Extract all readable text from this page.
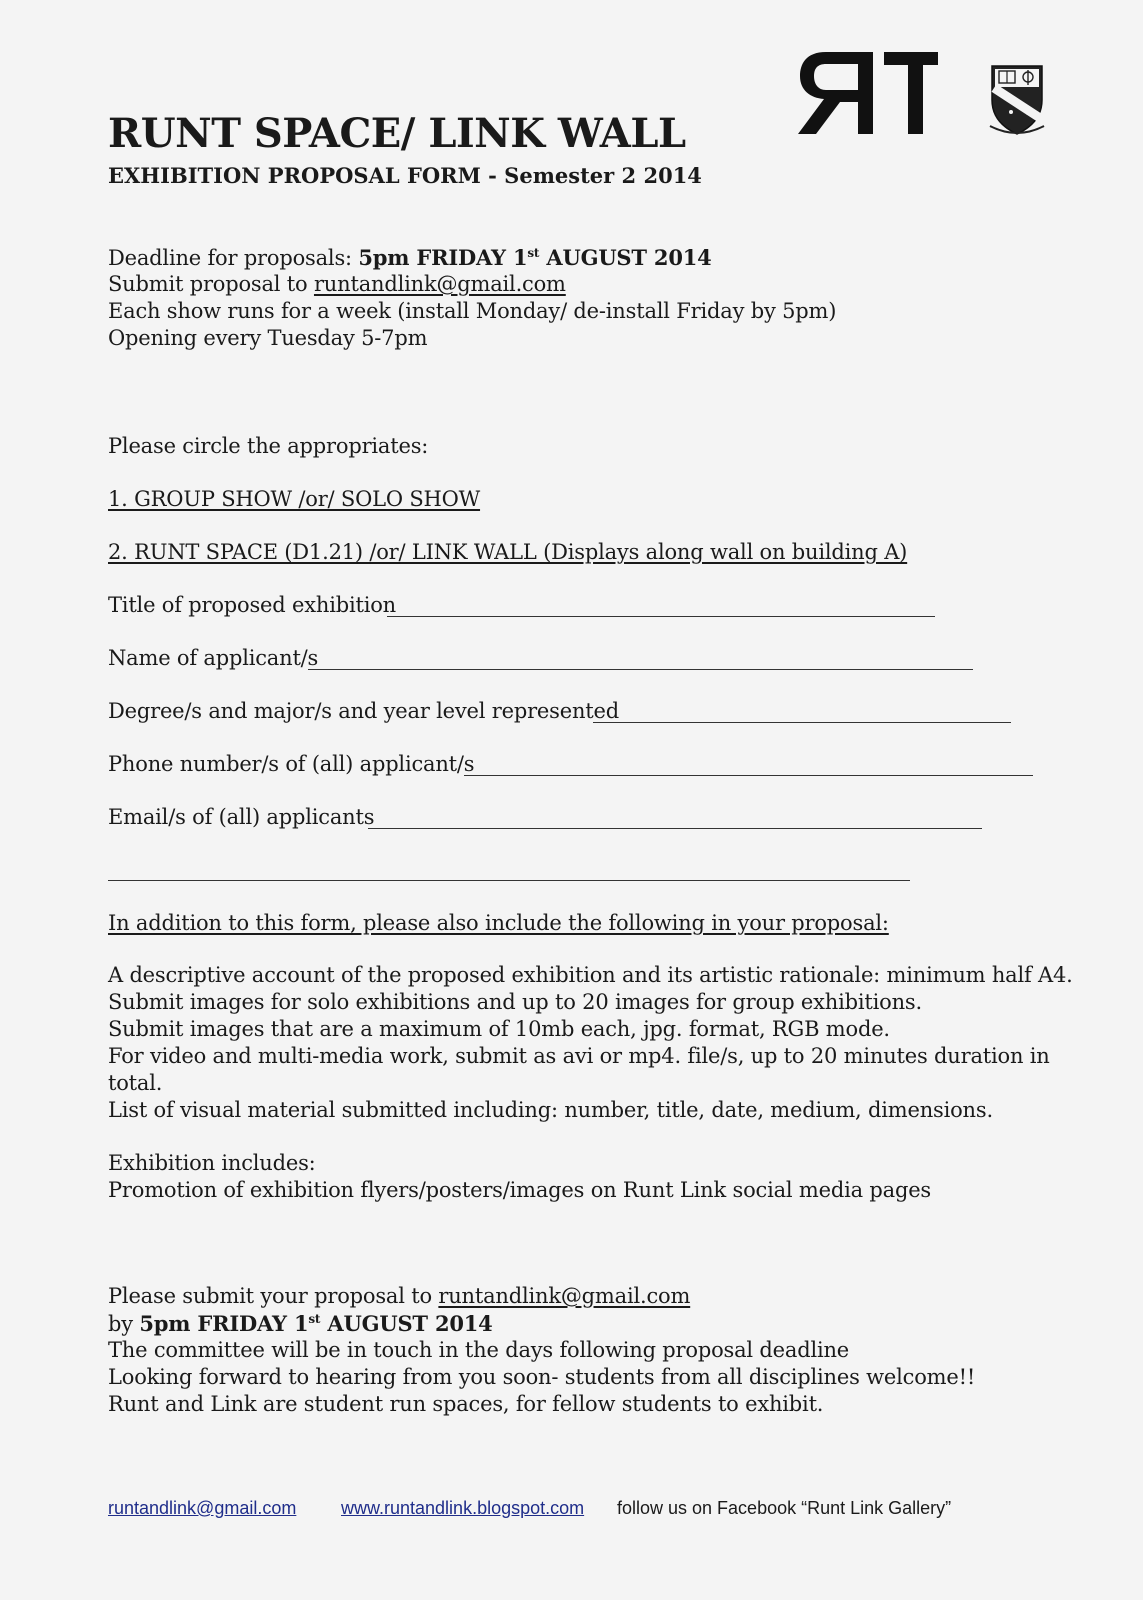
RL
RUNT SPACE/ LINK WALL
EXHIBITION PROPOSAL FORM - Semester 2 2014
Deadline for proposals: 5pm FRIDAY 1st AUGUST 2014
Submit proposal to runtandlink@gmail.com
Each show runs for a week (install Monday/ de-install Friday by 5pm)
Opening every Tuesday 5-7pm
Please circle the appropriates:
1. GROUP SHOW /or/ SOLO SHOW
2. RUNT SPACE (D1.21) /or/ LINK WALL (Displays along wall on building A)
Title of proposed exhibition
Name of applicant/s
Degree/s and major/s and year level represented
Phone number/s of (all) applicant/s
Email/s of (all) applicants
In addition to this form, please also include the following in your proposal:
A descriptive account of the proposed exhibition and its artistic rationale: minimum half A4.
Submit images for solo exhibitions and up to 20 images for group exhibitions.
Submit images that are a maximum of 10mb each, jpg. format, RGB mode.
For video and multi-media work, submit as avi or mp4. file/s, up to 20 minutes duration in
total.
List of visual material submitted including: number, title, date, medium, dimensions.
Exhibition includes:
Promotion of exhibition flyers/posters/images on Runt Link social media pages
Please submit your proposal to runtandlink@gmail.com
by 5pm FRIDAY 1st AUGUST 2014
The committee will be in touch in the days following proposal deadline
Looking forward to hearing from you soon- students from all disciplines welcome!!
Runt and Link are student run spaces, for fellow students to exhibit.
runtandlink@gmail.com www.runtandlink.blogspot.com follow us on Facebook “Runt Link Gallery”
